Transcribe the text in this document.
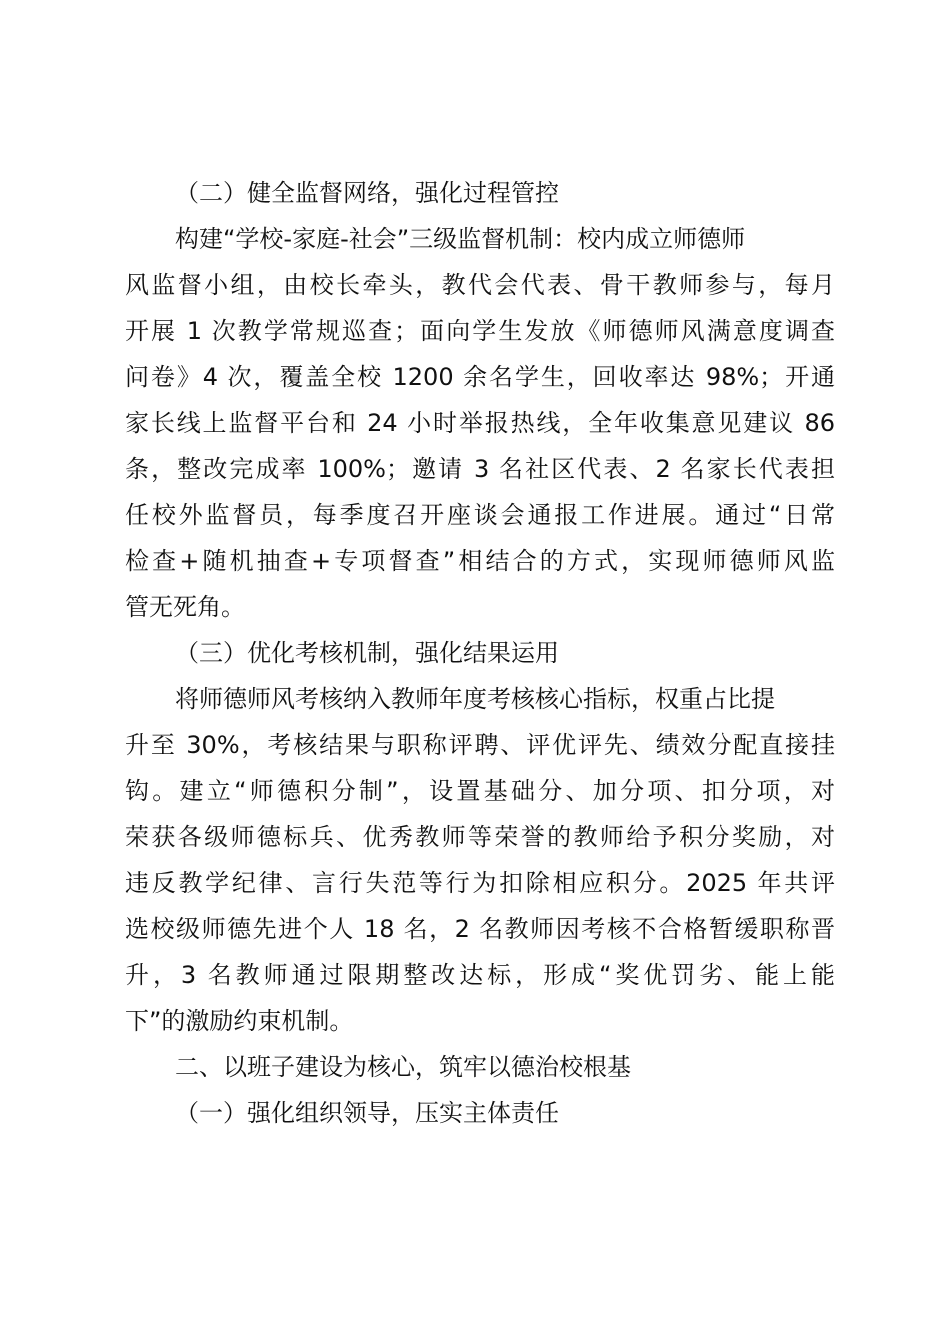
（二）健全监督网络，强化过程管控
构建“学校-家庭-社会”三级监督机制：校内成立师德师
风监督小组，由校长牵头，教代会代表、骨干教师参与，每月
开展 1 次教学常规巡查；面向学生发放《师德师风满意度调查
问卷》4 次，覆盖全校 1200 余名学生，回收率达 98%；开通
家长线上监督平台和 24 小时举报热线，全年收集意见建议 86
条，整改完成率 100%；邀请 3 名社区代表、2 名家长代表担
任校外监督员，每季度召开座谈会通报工作进展。通过“日常
检查+随机抽查+专项督查”相结合的方式，实现师德师风监
管无死角。
（三）优化考核机制，强化结果运用
将师德师风考核纳入教师年度考核核心指标，权重占比提
升至 30%，考核结果与职称评聘、评优评先、绩效分配直接挂
钩。建立“师德积分制”，设置基础分、加分项、扣分项，对
荣获各级师德标兵、优秀教师等荣誉的教师给予积分奖励，对
违反教学纪律、言行失范等行为扣除相应积分。2025 年共评
选校级师德先进个人 18 名，2 名教师因考核不合格暂缓职称晋
升，3 名教师通过限期整改达标，形成“奖优罚劣、能上能
下”的激励约束机制。
二、以班子建设为核心，筑牢以德治校根基
（一）强化组织领导，压实主体责任
